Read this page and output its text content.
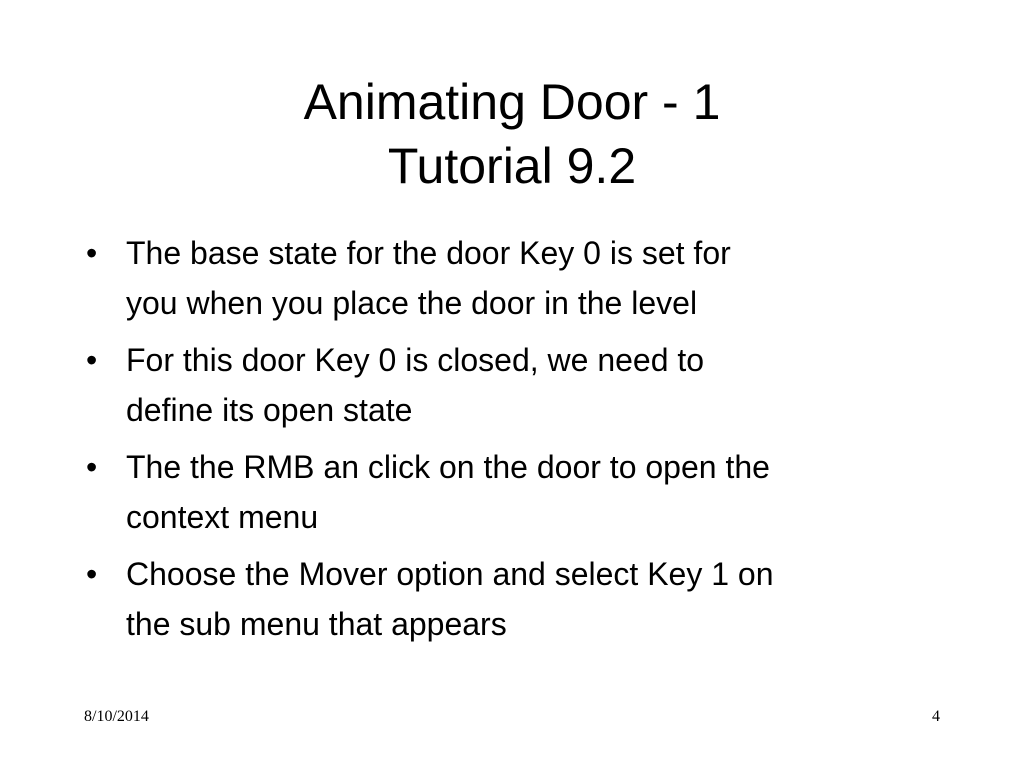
Animating Door - 1
Tutorial 9.2
• The base state for the door Key 0 is set for
you when you place the door in the level
• For this door Key 0 is closed, we need to
define its open state
• The the RMB an click on the door to open the
context menu
• Choose the Mover option and select Key 1 on
the sub menu that appears
8/10/2014	4
